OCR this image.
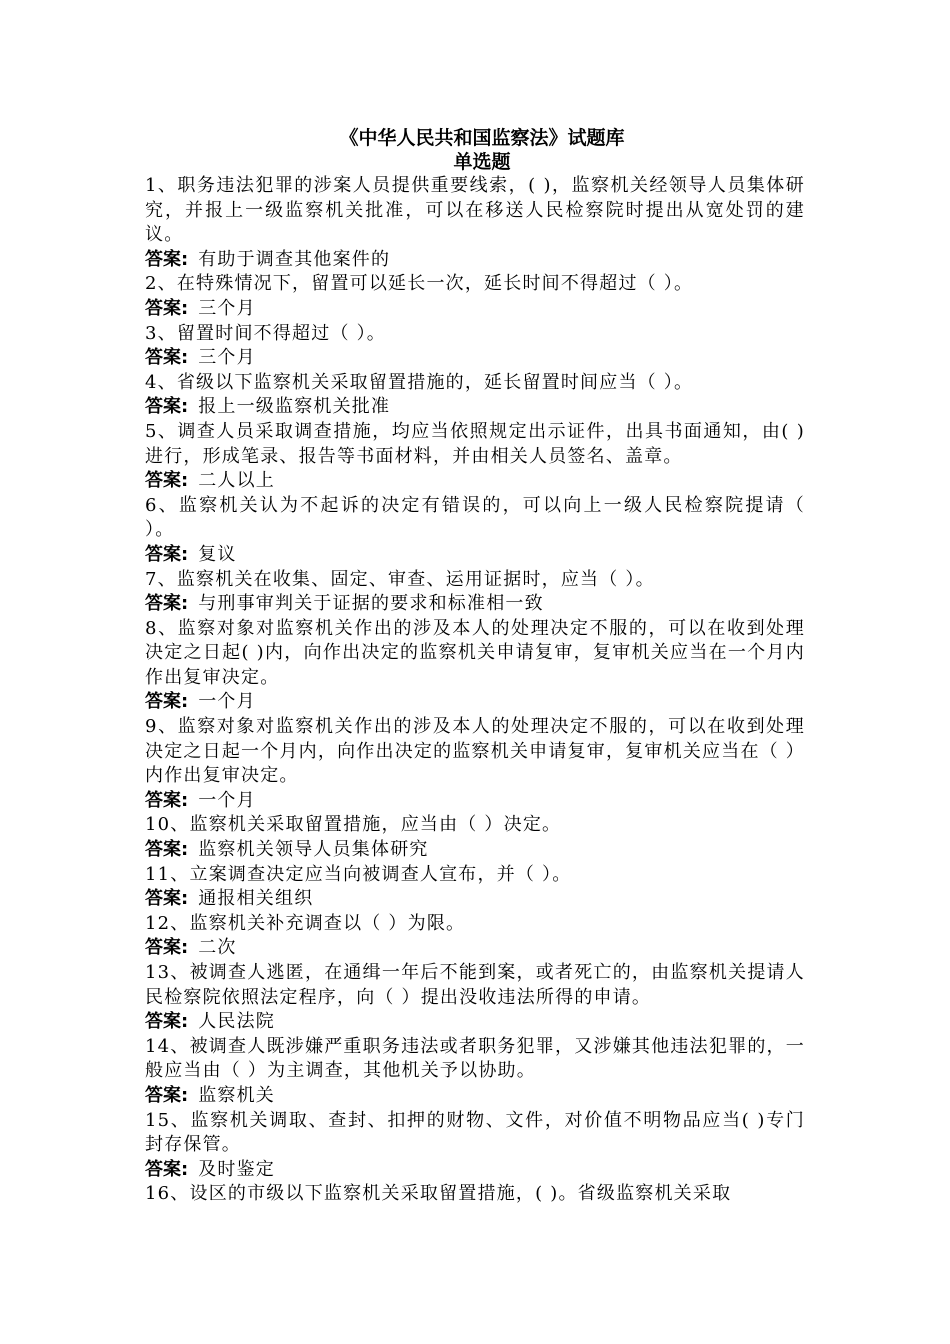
《中华人民共和国监察法》试题库
单选题

1、职务违法犯罪的涉案人员提供重要线索，( )，监察机关经领导人员集体研究，并报上一级监察机关批准，可以在移送人民检察院时提出从宽处罚的建议。

答案: 有助于调查其他案件的

2、在特殊情况下，留置可以延长一次，延长时间不得超过（ ）。

答案: 三个月

3、留置时间不得超过（ ）。

答案: 三个月

4、省级以下监察机关采取留置措施的，延长留置时间应当（ ）。

答案: 报上一级监察机关批准

5、调查人员采取调查措施，均应当依照规定出示证件，出具书面通知，由( )进行，形成笔录、报告等书面材料，并由相关人员签名、盖章。

答案: 二人以上

6、监察机关认为不起诉的决定有错误的，可以向上一级人民检察院提请（ ）。

答案: 复议

7、监察机关在收集、固定、审查、运用证据时，应当（ ）。

答案: 与刑事审判关于证据的要求和标准相一致

8、监察对象对监察机关作出的涉及本人的处理决定不服的，可以在收到处理决定之日起( )内，向作出决定的监察机关申请复审，复审机关应当在一个月内作出复审决定。

答案: 一个月

9、监察对象对监察机关作出的涉及本人的处理决定不服的，可以在收到处理决定之日起一个月内，向作出决定的监察机关申请复审，复审机关应当在（ ）内作出复审决定。

答案: 一个月

10、监察机关采取留置措施，应当由（ ）决定。

答案: 监察机关领导人员集体研究

11、立案调查决定应当向被调查人宣布，并（ ）。

答案: 通报相关组织

12、监察机关补充调查以（ ）为限。

答案: 二次

13、被调查人逃匿，在通缉一年后不能到案，或者死亡的，由监察机关提请人民检察院依照法定程序，向（ ）提出没收违法所得的申请。

答案: 人民法院

14、被调查人既涉嫌严重职务违法或者职务犯罪，又涉嫌其他违法犯罪的，一般应当由（ ）为主调查，其他机关予以协助。

答案: 监察机关

15、监察机关调取、查封、扣押的财物、文件，对价值不明物品应当( )专门封存保管。

答案: 及时鉴定

16、设区的市级以下监察机关采取留置措施，( )。省级监察机关采取
